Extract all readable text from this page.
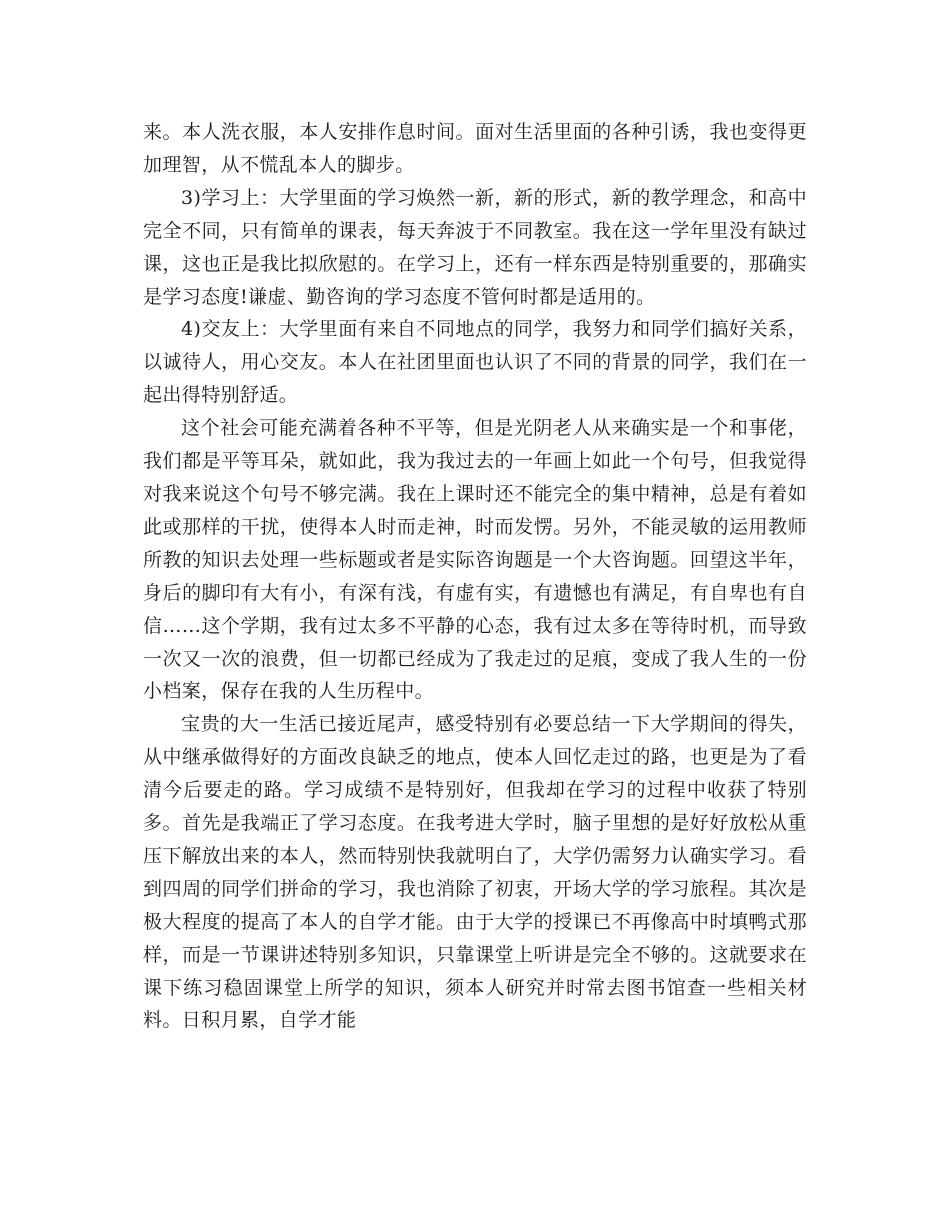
来。本人洗衣服，本人安排作息时间。面对生活里面的各种引诱，我也变得更加理智，从不慌乱本人的脚步。

3)学习上：大学里面的学习焕然一新，新的形式，新的教学理念，和高中完全不同，只有简单的课表，每天奔波于不同教室。我在这一学年里没有缺过课，这也正是我比拟欣慰的。在学习上，还有一样东西是特别重要的，那确实是学习态度!谦虚、勤咨询的学习态度不管何时都是适用的。

4)交友上：大学里面有来自不同地点的同学，我努力和同学们搞好关系，以诚待人，用心交友。本人在社团里面也认识了不同的背景的同学，我们在一起出得特别舒适。

这个社会可能充满着各种不平等，但是光阴老人从来确实是一个和事佬，我们都是平等耳朵，就如此，我为我过去的一年画上如此一个句号，但我觉得对我来说这个句号不够完满。我在上课时还不能完全的集中精神，总是有着如此或那样的干扰，使得本人时而走神，时而发愣。另外，不能灵敏的运用教师所教的知识去处理一些标题或者是实际咨询题是一个大咨询题。回望这半年，身后的脚印有大有小，有深有浅，有虚有实，有遗憾也有满足，有自卑也有自信……这个学期，我有过太多不平静的心态，我有过太多在等待时机，而导致一次又一次的浪费，但一切都已经成为了我走过的足痕，变成了我人生的一份小档案，保存在我的人生历程中。

宝贵的大一生活已接近尾声，感受特别有必要总结一下大学期间的得失，从中继承做得好的方面改良缺乏的地点，使本人回忆走过的路，也更是为了看清今后要走的路。学习成绩不是特别好，但我却在学习的过程中收获了特别多。首先是我端正了学习态度。在我考进大学时，脑子里想的是好好放松从重压下解放出来的本人，然而特别快我就明白了，大学仍需努力认确实学习。看到四周的同学们拼命的学习，我也消除了初衷，开场大学的学习旅程。其次是极大程度的提高了本人的自学才能。由于大学的授课已不再像高中时填鸭式那样，而是一节课讲述特别多知识，只靠课堂上听讲是完全不够的。这就要求在课下练习稳固课堂上所学的知识，须本人研究并时常去图书馆查一些相关材料。日积月累，自学才能
